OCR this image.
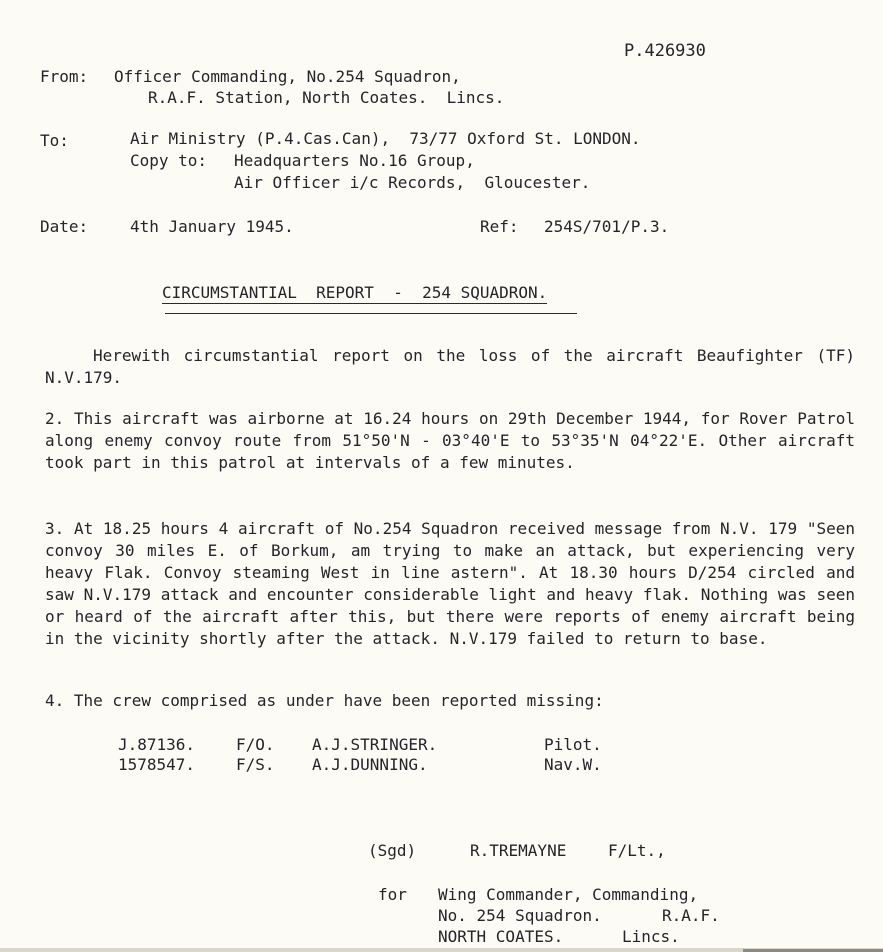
P.426930
From: Officer Commanding, No.254 Squadron,
R.A.F. Station, North Coates.  Lincs.
To:	Air Ministry (P.4.Cas.Can),  73/77 Oxford St. LONDON.
Copy to: Headquarters No.16 Group,
Air Officer i/c Records,  Gloucester.
Date:	4th January 1945.	Ref: 254S/701/P.3.
CIRCUMSTANTIAL  REPORT  -  254 SQUADRON.
Herewith circumstantial report on the loss of the aircraft Beaufighter (TF) N.V.179.
2. This aircraft was airborne at 16.24 hours on 29th December 1944, for Rover Patrol along enemy convoy route from 51°50'N - 03°40'E to 53°35'N 04°22'E. Other aircraft took part in this patrol at intervals of a few minutes.
3. At 18.25 hours 4 aircraft of No.254 Squadron received message from N.V. 179 "Seen convoy 30 miles E. of Borkum, am trying to make an attack, but experiencing very heavy Flak. Convoy steaming West in line astern". At 18.30 hours D/254 circled and saw N.V.179 attack and encounter considerable light and heavy flak. Nothing was seen or heard of the aircraft after this, but there were reports of enemy aircraft being in the vicinity shortly after the attack. N.V.179 failed to return to base.
4. The crew comprised as under have been reported missing:
J.87136.	F/O. A.J.STRINGER.	Pilot.
1578547.	F/S. A.J.DUNNING.	Nav.W.
(Sgd)	R.TREMAYNE	F/Lt.,
for Wing Commander, Commanding,
No. 254 Squadron.	R.A.F.
NORTH COATES.	Lincs.
